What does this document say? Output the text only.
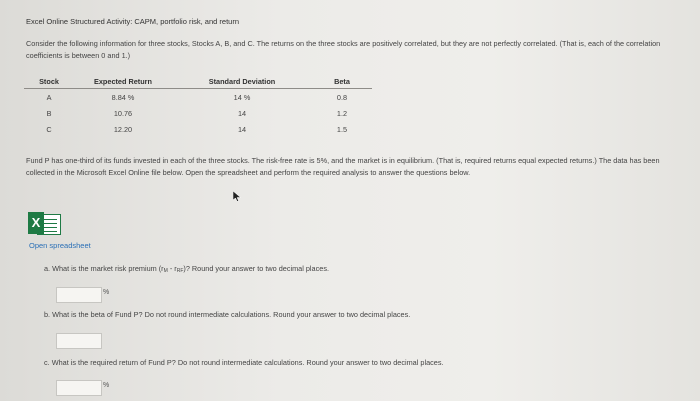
Excel Online Structured Activity: CAPM, portfolio risk, and return
Consider the following information for three stocks, Stocks A, B, and C. The returns on the three stocks are positively correlated, but they are not perfectly correlated. (That is, each of the correlation coefficients is between 0 and 1.)
Stock	Expected Return	Standard Deviation	Beta
A	8.84 %	14 %	0.8
B	10.76	14	1.2
C	12.20	14	1.5
Fund P has one-third of its funds invested in each of the three stocks. The risk-free rate is 5%, and the market is in equilibrium. (That is, required returns equal expected returns.) The data has been collected in the Microsoft Excel Online file below. Open the spreadsheet and perform the required analysis to answer the questions below.
X
Open spreadsheet
a. What is the market risk premium $(r_M - r_{RF})$? Round your answer to two decimal places.
%
b. What is the beta of Fund P? Do not round intermediate calculations. Round your answer to two decimal places.
c. What is the required return of Fund P? Do not round intermediate calculations. Round your answer to two decimal places.
%
